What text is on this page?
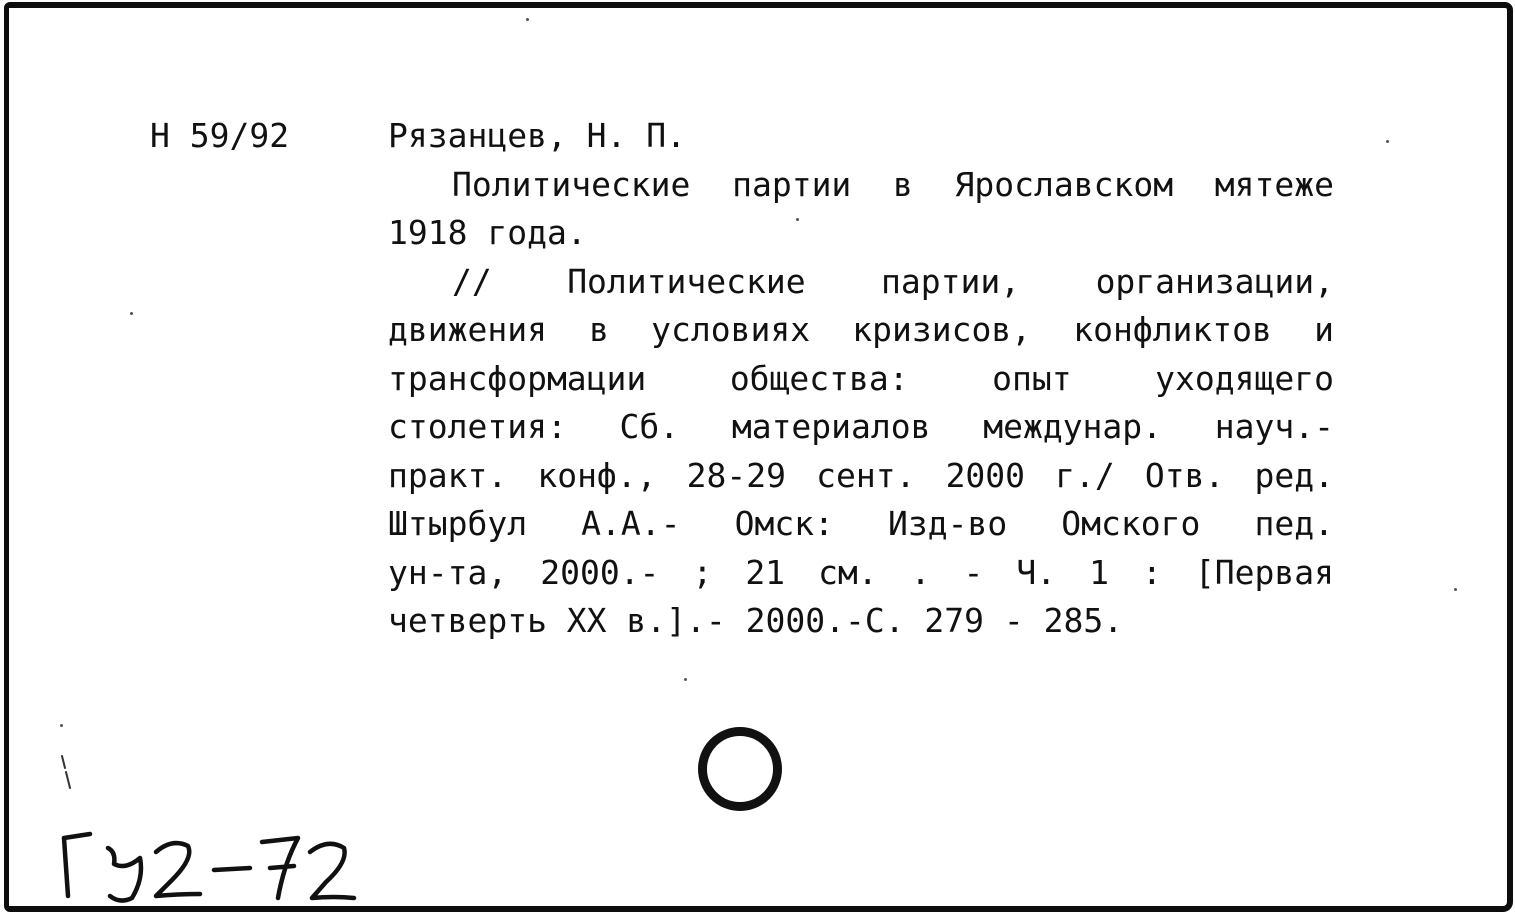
Н 59/92	Рязанцев, Н. П.
Политические партии в Ярославском мятеже
1918 года.
// Политические партии, организации,
движения в условиях кризисов, конфликтов и
трансформации	общества:	опыт	уходящего
столетия: Сб. материалов междунар. науч.-
практ. конф., 28-29 сент. 2000 г./ Отв. ред.
Штырбул А.А.- Омск: Изд-во Омского пед.
ун-та, 2000.- ; 21 см. . - Ч. 1 : [Первая
четверть XX в.].- 2000.-С. 279 - 285.
